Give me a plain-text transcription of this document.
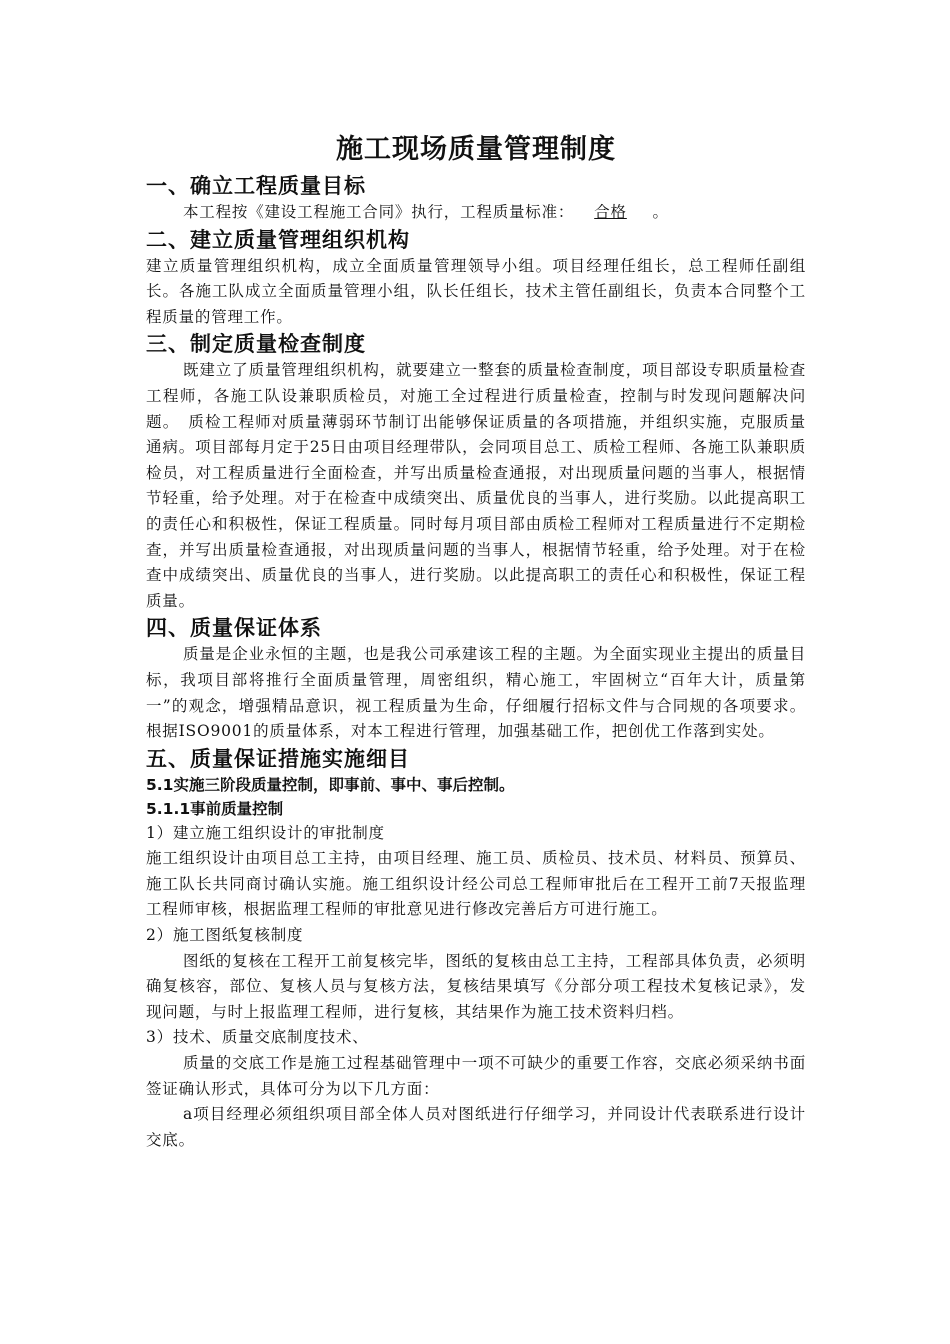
施工现场质量管理制度
一、确立工程质量目标

本工程按《建设工程施工合同》执行，工程质量标准： 合格 。

二、建立质量管理组织机构

建立质量管理组织机构，成立全面质量管理领导小组。项目经理任组长，总工程师任副组长。各施工队成立全面质量管理小组，队长任组长，技术主管任副组长，负责本合同整个工程质量的管理工作。

三、制定质量检查制度

既建立了质量管理组织机构，就要建立一整套的质量检查制度，项目部设专职质量检查工程师，各施工队设兼职质检员，对施工全过程进行质量检查，控制与时发现问题解决问题。　质检工程师对质量薄弱环节制订出能够保证质量的各项措施，并组织实施，克服质量通病。项目部每月定于25日由项目经理带队，会同项目总工、质检工程师、各施工队兼职质检员，对工程质量进行全面检查，并写出质量检查通报，对出现质量问题的当事人，根据情节轻重，给予处理。对于在检查中成绩突出、质量优良的当事人，进行奖励。以此提高职工的责任心和积极性，保证工程质量。同时每月项目部由质检工程师对工程质量进行不定期检查，并写出质量检查通报，对出现质量问题的当事人，根据情节轻重，给予处理。对于在检查中成绩突出、质量优良的当事人，进行奖励。以此提高职工的责任心和积极性，保证工程质量。

四、质量保证体系

质量是企业永恒的主题，也是我公司承建该工程的主题。为全面实现业主提出的质量目标，我项目部将推行全面质量管理，周密组织，精心施工，牢固树立“百年大计，质量第一”的观念，增强精品意识，视工程质量为生命，仔细履行招标文件与合同规的各项要求。根据ISO9001的质量体系，对本工程进行管理，加强基础工作，把创优工作落到实处。

五、质量保证措施实施细目
5.1实施三阶段质量控制，即事前、事中、事后控制。
5.1.1事前质量控制

1）建立施工组织设计的审批制度

施工组织设计由项目总工主持，由项目经理、施工员、质检员、技术员、材料员、预算员、施工队长共同商讨确认实施。施工组织设计经公司总工程师审批后在工程开工前7天报监理工程师审核，根据监理工程师的审批意见进行修改完善后方可进行施工。

2）施工图纸复核制度

图纸的复核在工程开工前复核完毕，图纸的复核由总工主持，工程部具体负责，必须明确复核容，部位、复核人员与复核方法，复核结果填写《分部分项工程技术复核记录》，发现问题，与时上报监理工程师，进行复核，其结果作为施工技术资料归档。

3）技术、质量交底制度技术、

质量的交底工作是施工过程基础管理中一项不可缺少的重要工作容，交底必须采纳书面签证确认形式，具体可分为以下几方面：

a项目经理必须组织项目部全体人员对图纸进行仔细学习，并同设计代表联系进行设计交底。
